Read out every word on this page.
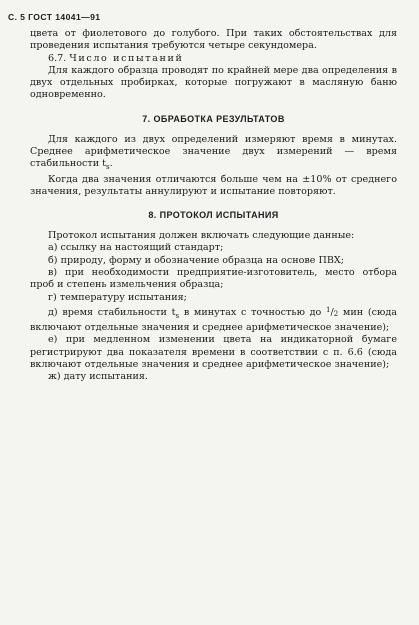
С. 5 ГОСТ 14041—91

цвета от фиолетового до голубого. При таких обстоятельствах для проведения испытания требуются четыре секундомера.

6.7. Число испытаний

Для каждого образца проводят по крайней мере два определения в двух отдельных пробирках, которые погружают в масляную баню одновременно.

7. ОБРАБОТКА РЕЗУЛЬТАТОВ

Для каждого из двух определений измеряют время в минутах. Среднее арифметическое значение двух измерений — время стабильности $t_s$.

Когда два значения отличаются больше чем на ±10% от среднего значения, результаты аннулируют и испытание повторяют.

8. ПРОТОКОЛ ИСПЫТАНИЯ

Протокол испытания должен включать следующие данные:

а) ссылку на настоящий стандарт;

б) природу, форму и обозначение образца на основе ПВХ;

в) при необходимости предприятие-изготовитель, место отбора проб и степень измельчения образца;

г) температуру испытания;

д) время стабильности $t_s$ в минутах с точностью до $^1$/2 мин (сюда включают отдельные значения и среднее арифметическое значение);

е) при медленном изменении цвета на индикаторной бумаге регистрируют два показателя времени в соответствии с п. 6.6 (сюда включают отдельные значения и среднее арифметическое значение);

ж) дату испытания.
